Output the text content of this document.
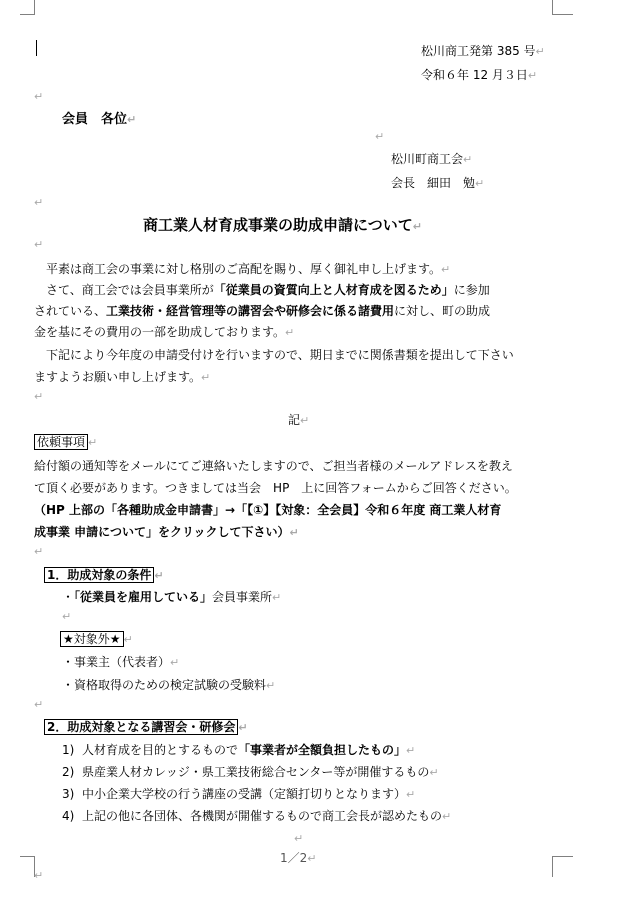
松川商工発第 385 号↵
令和６年 12 月３日↵
↵
会員　各位↵
↵
松川町商工会↵
会長　細田　勉↵
↵
商工業人材育成事業の助成申請について↵
↵
平素は商工会の事業に対し格別のご高配を賜り、厚く御礼申し上げます。↵
さて、商工会では会員事業所が「従業員の資質向上と人材育成を図るため」に参加
されている、工業技術・経営管理等の講習会や研修会に係る諸費用に対し、町の助成
金を基にその費用の一部を助成しております。↵
下記により今年度の申請受付けを行いますので、期日までに関係書類を提出して下さい
ますようお願い申し上げます。↵
↵
記↵
依頼事項 ↵
給付額の通知等をメールにてご連絡いたしますので、ご担当者様のメールアドレスを教え
て頂く必要があります。つきましては当会　HP　上に回答フォームからご回答ください。
（HP 上部の「各種助成金申請書」→「【①】【対象：全会員】令和６年度 商工業人材育
成事業 申請について」をクリックして下さい）↵
↵
1．助成対象の条件 ↵
・「従業員を雇用している」会員事業所↵
↵
★対象外★ ↵
・事業主（代表者）↵
・資格取得のための検定試験の受験料↵
↵
2．助成対象となる講習会・研修会 ↵
1) 人材育成を目的とするもので「事業者が全額負担したもの」↵
2) 県産業人材カレッジ・県工業技術総合センター等が開催するもの↵
3) 中小企業大学校の行う講座の受講（定額打切りとなります）↵
4) 上記の他に各団体、各機関が開催するもので商工会長が認めたもの↵
↵
1／2↵
↵
